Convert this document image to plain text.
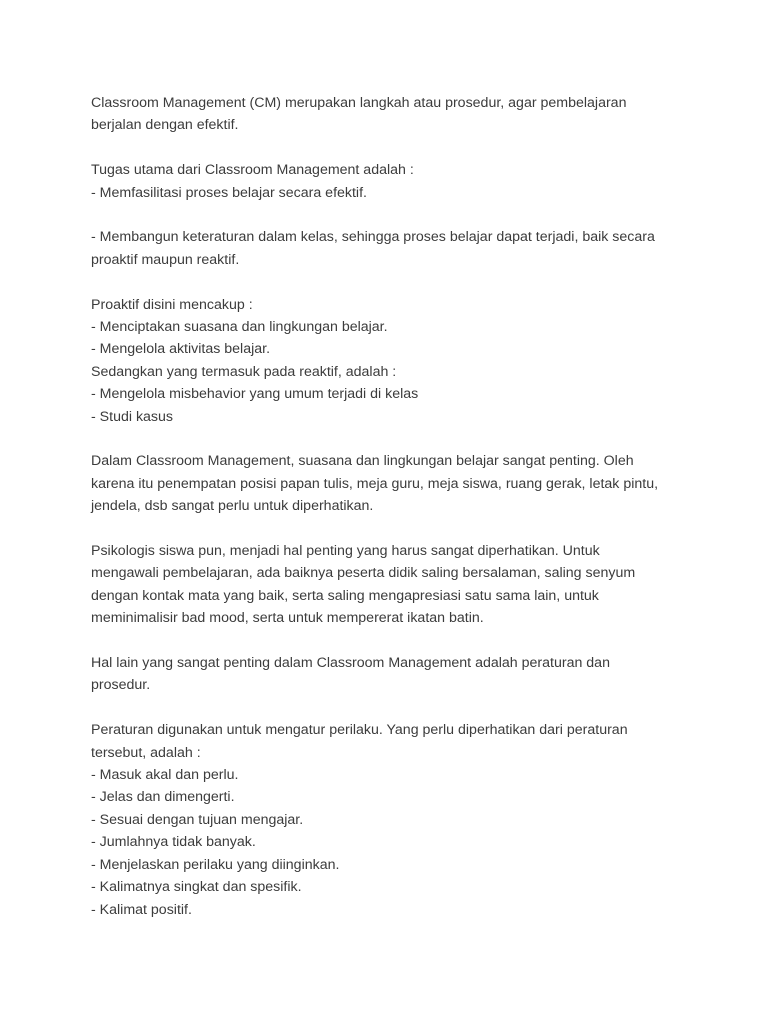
Classroom Management (CM) merupakan langkah atau prosedur, agar pembelajaran
berjalan dengan efektif.

Tugas utama dari Classroom Management adalah :
- Memfasilitasi proses belajar secara efektif.

- Membangun keteraturan dalam kelas, sehingga proses belajar dapat terjadi, baik secara
proaktif maupun reaktif.

Proaktif disini mencakup :
- Menciptakan suasana dan lingkungan belajar.
- Mengelola aktivitas belajar.
Sedangkan yang termasuk pada reaktif, adalah :
- Mengelola misbehavior yang umum terjadi di kelas
- Studi kasus

Dalam Classroom Management, suasana dan lingkungan belajar sangat penting. Oleh
karena itu penempatan posisi papan tulis, meja guru, meja siswa, ruang gerak, letak pintu,
jendela, dsb sangat perlu untuk diperhatikan.

Psikologis siswa pun, menjadi hal penting yang harus sangat diperhatikan. Untuk
mengawali pembelajaran, ada baiknya peserta didik saling bersalaman, saling senyum
dengan kontak mata yang baik, serta saling mengapresiasi satu sama lain, untuk
meminimalisir bad mood, serta untuk mempererat ikatan batin.

Hal lain yang sangat penting dalam Classroom Management adalah peraturan dan
prosedur.

Peraturan digunakan untuk mengatur perilaku. Yang perlu diperhatikan dari peraturan
tersebut, adalah :
- Masuk akal dan perlu.
- Jelas dan dimengerti.
- Sesuai dengan tujuan mengajar.
- Jumlahnya tidak banyak.
- Menjelaskan perilaku yang diinginkan.
- Kalimatnya singkat dan spesifik.
- Kalimat positif.
